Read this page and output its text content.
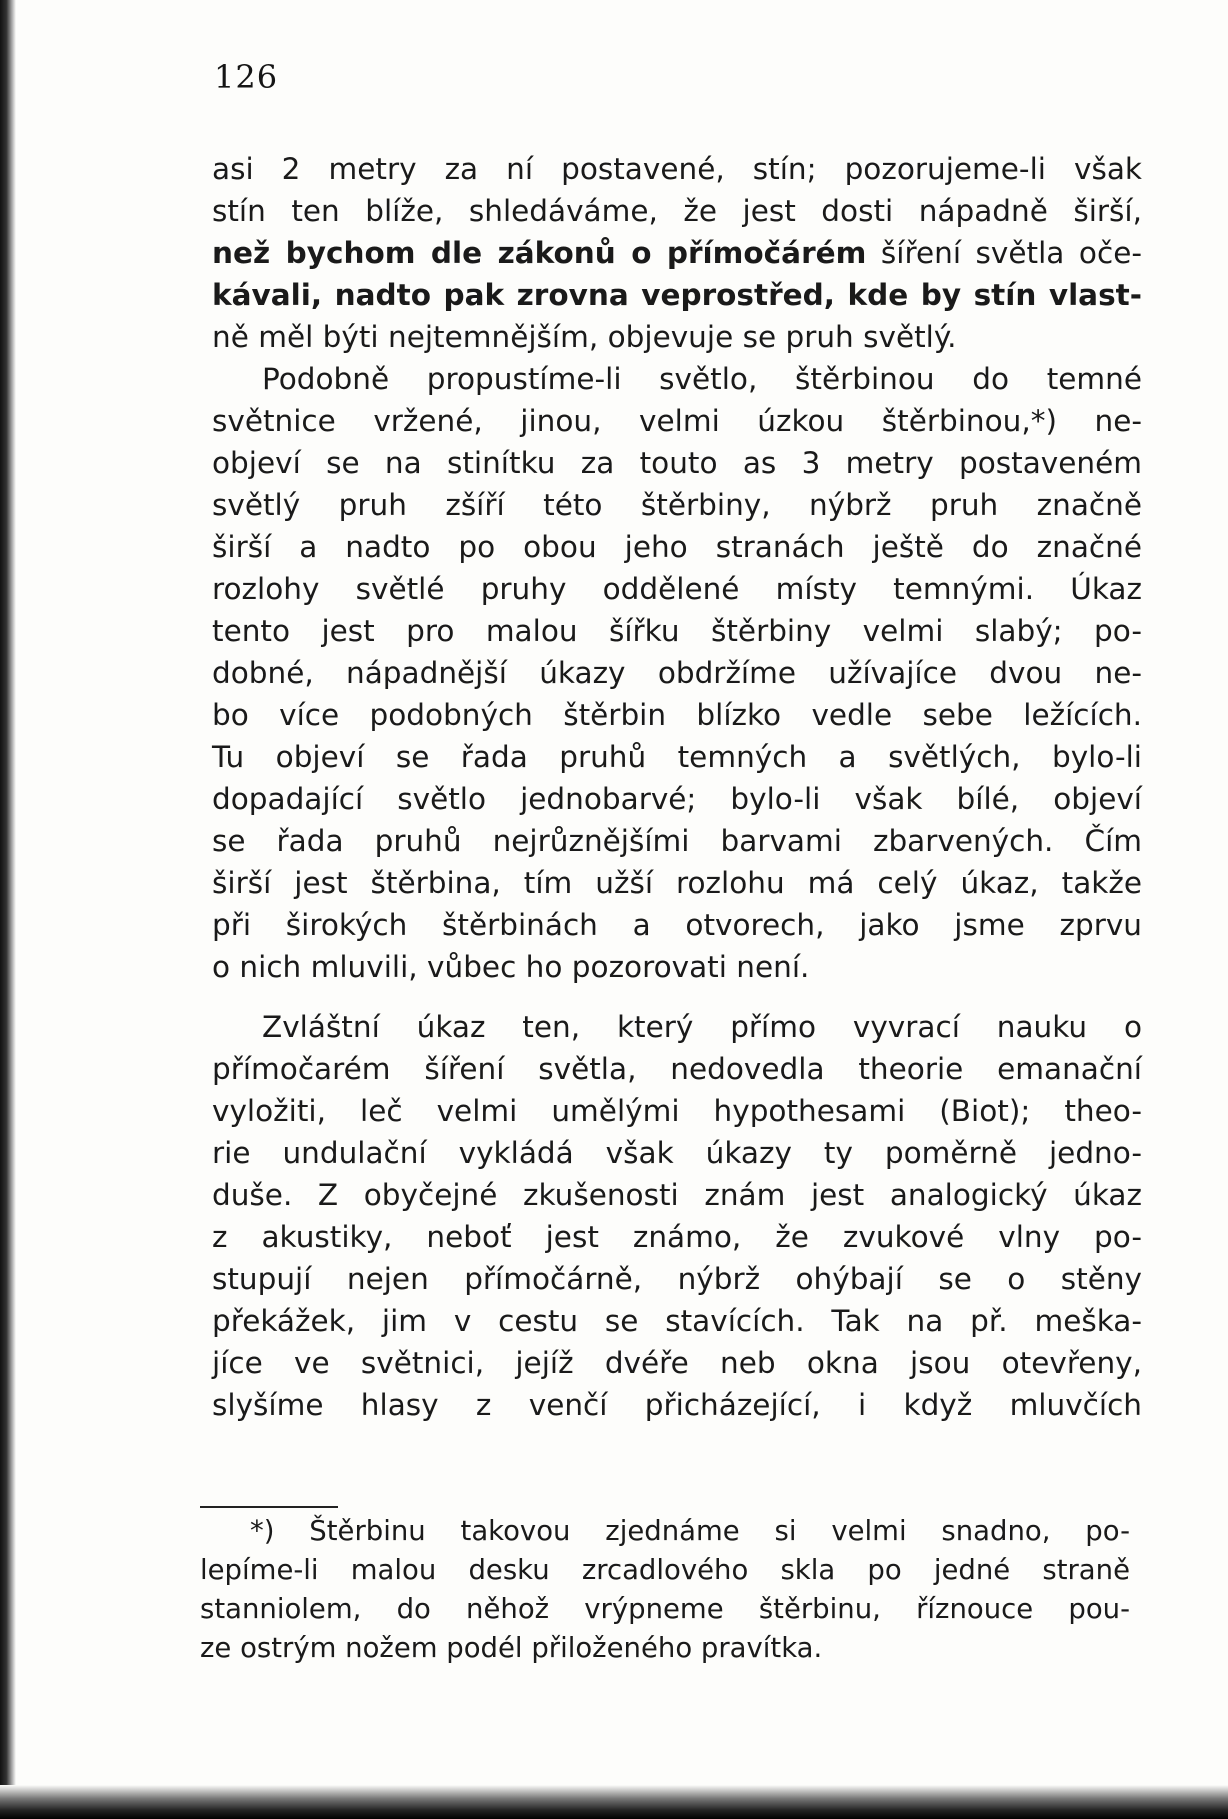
126
asi 2 metry za ní postavené, stín; pozorujeme-li však
stín ten blíže, shledáváme, že jest dosti nápadně širší,
než bychom dle zákonů o přímočárém šíření světla oče-
kávali, nadto pak zrovna veprostřed, kde by stín vlast-
ně měl býti nejtemnějším, objevuje se pruh světlý.
Podobně propustíme-li světlo, štěrbinou do temné
světnice vržené, jinou, velmi úzkou štěrbinou,*) ne-
objeví se na stinítku za touto as 3 metry postaveném
světlý pruh zšíří této štěrbiny, nýbrž pruh značně
širší a nadto po obou jeho stranách ještě do značné
rozlohy světlé pruhy oddělené místy temnými. Úkaz
tento jest pro malou šířku štěrbiny velmi slabý; po-
dobné, nápadnější úkazy obdržíme užívajíce dvou ne-
bo více podobných štěrbin blízko vedle sebe ležících.
Tu objeví se řada pruhů temných a světlých, bylo-li
dopadající světlo jednobarvé; bylo-li však bílé, objeví
se řada pruhů nejrůznějšími barvami zbarvených. Čím
širší jest štěrbina, tím užší rozlohu má celý úkaz, takže
při širokých štěrbinách a otvorech, jako jsme zprvu
o nich mluvili, vůbec ho pozorovati není.
Zvláštní úkaz ten, který přímo vyvrací nauku o
přímočarém šíření světla, nedovedla theorie emanační
vyložiti, leč velmi umělými hypothesami (Biot); theo-
rie undulační vykládá však úkazy ty poměrně jedno-
duše. Z obyčejné zkušenosti znám jest analogický úkaz
z akustiky, neboť jest známo, že zvukové vlny po-
stupují nejen přímočárně, nýbrž ohýbají se o stěny
překážek, jim v cestu se stavících. Tak na př. meška-
jíce ve světnici, jejíž dvéře neb okna jsou otevřeny,
slyšíme hlasy z venčí přicházející, i když mluvčích
*) Štěrbinu takovou zjednáme si velmi snadno, po-
lepíme-li malou desku zrcadlového skla po jedné straně
stanniolem, do něhož vrýpneme štěrbinu, říznouce pou-
ze ostrým nožem podél přiloženého pravítka.
